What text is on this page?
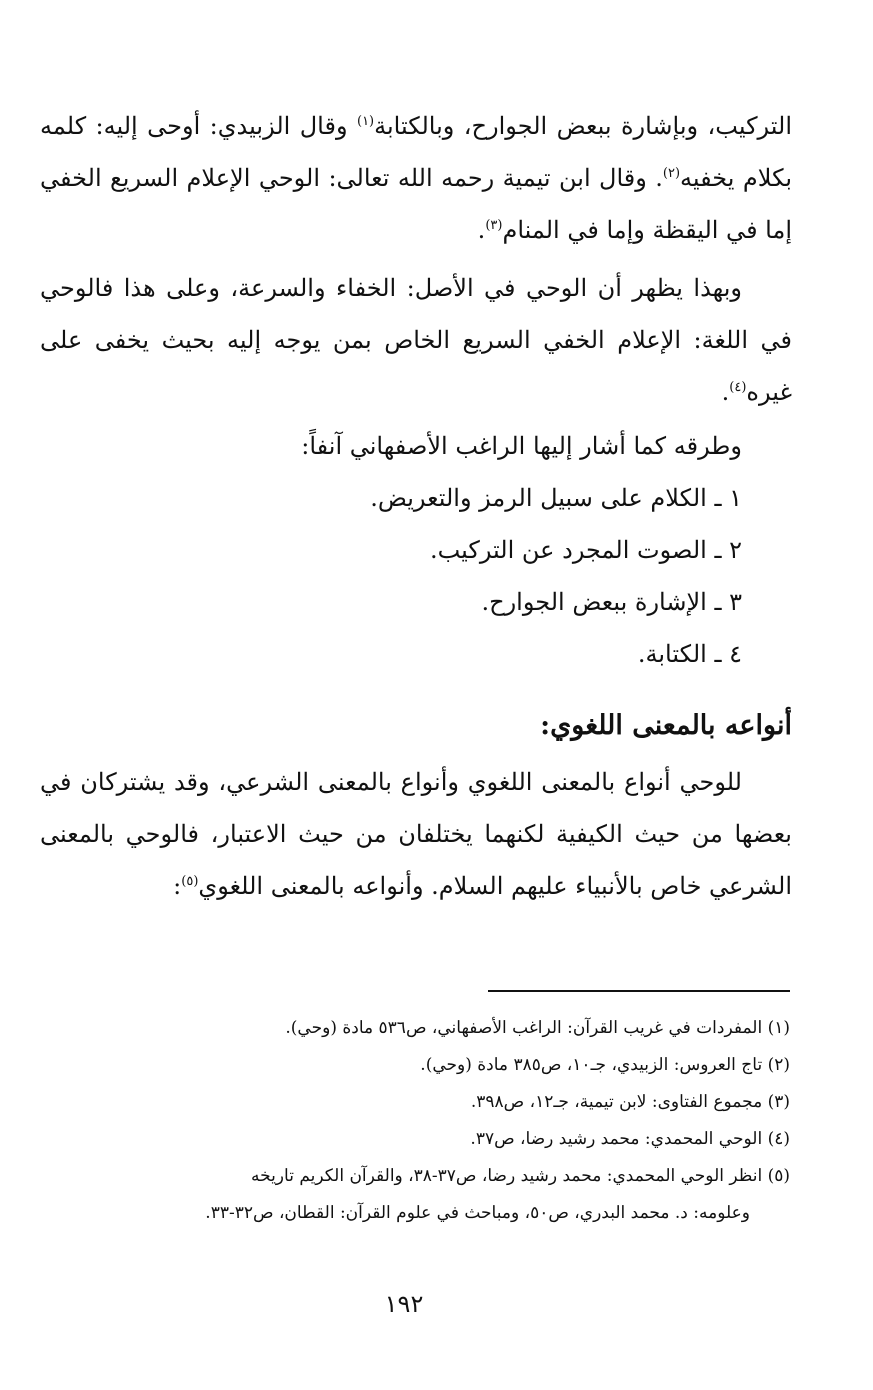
التركيب، وبإشارة ببعض الجوارح، وبالكتابة$^{(١)}$ وقال الزبيدي: أوحى إليه: كلمه بكلام يخفيه$^{(٢)}$. وقال ابن تيمية رحمه الله تعالى: الوحي الإعلام السريع الخفي إما في اليقظة وإما في المنام$^{(٣)}$.

وبهذا يظهر أن الوحي في الأصل: الخفاء والسرعة، وعلى هذا فالوحي في اللغة: الإعلام الخفي السريع الخاص بمن يوجه إليه بحيث يخفى على غيره$^{(٤)}$.

وطرقه كما أشار إليها الراغب الأصفهاني آنفاً:

١ ـ الكلام على سبيل الرمز والتعريض.
٢ ـ الصوت المجرد عن التركيب.
٣ ـ الإشارة ببعض الجوارح.
٤ ـ الكتابة.
أنواعه بالمعنى اللغوي:

للوحي أنواع بالمعنى اللغوي وأنواع بالمعنى الشرعي، وقد يشتركان في بعضها من حيث الكيفية لكنهما يختلفان من حيث الاعتبار، فالوحي بالمعنى الشرعي خاص بالأنبياء عليهم السلام. وأنواعه بالمعنى اللغوي$^{(٥)}$:

(١) المفردات في غريب القرآن: الراغب الأصفهاني، ص٥٣٦ مادة (وحي).

(٢) تاج العروس: الزبيدي، جـ١٠، ص٣٨٥ مادة (وحي).

(٣) مجموع الفتاوى: لابن تيمية، جـ١٢، ص٣٩٨.

(٤) الوحي المحمدي: محمد رشيد رضا، ص٣٧.

(٥) انظر الوحي المحمدي: محمد رشيد رضا، ص٣٧-٣٨، والقرآن الكريم تاريخه

وعلومه: د. محمد البدري، ص٥٠، ومباحث في علوم القرآن: القطان، ص٣٢-٣٣.

١٩٢
